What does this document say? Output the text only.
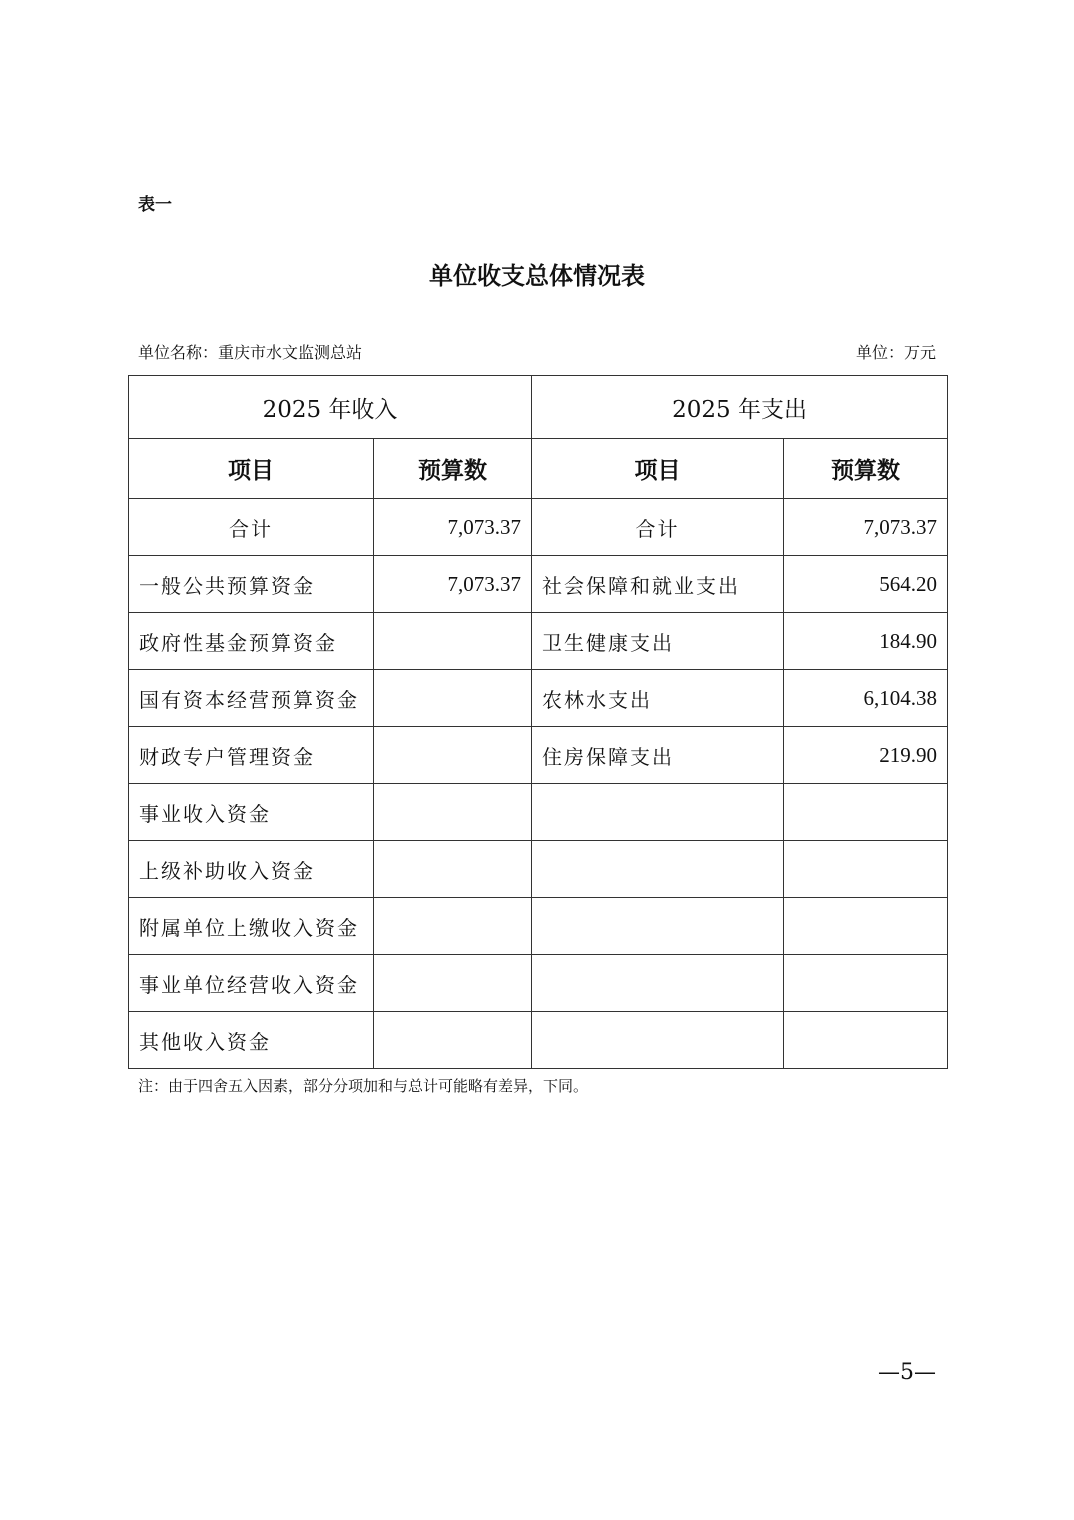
表一
单位收支总体情况表
单位名称：重庆市水文监测总站	单位：万元
2025 年收入		2025 年支出	
项目	预算数	项目	预算数
合计	7,073.37	合计	7,073.37
一般公共预算资金	7,073.37	社会保障和就业支出	564.20
政府性基金预算资金		卫生健康支出	184.90
国有资本经营预算资金		农林水支出	6,104.38
财政专户管理资金		住房保障支出	219.90
事业收入资金			
上级补助收入资金			
附属单位上缴收入资金			
事业单位经营收入资金			
其他收入资金			
注：由于四舍五入因素，部分分项加和与总计可能略有差异，下同。
—5—
